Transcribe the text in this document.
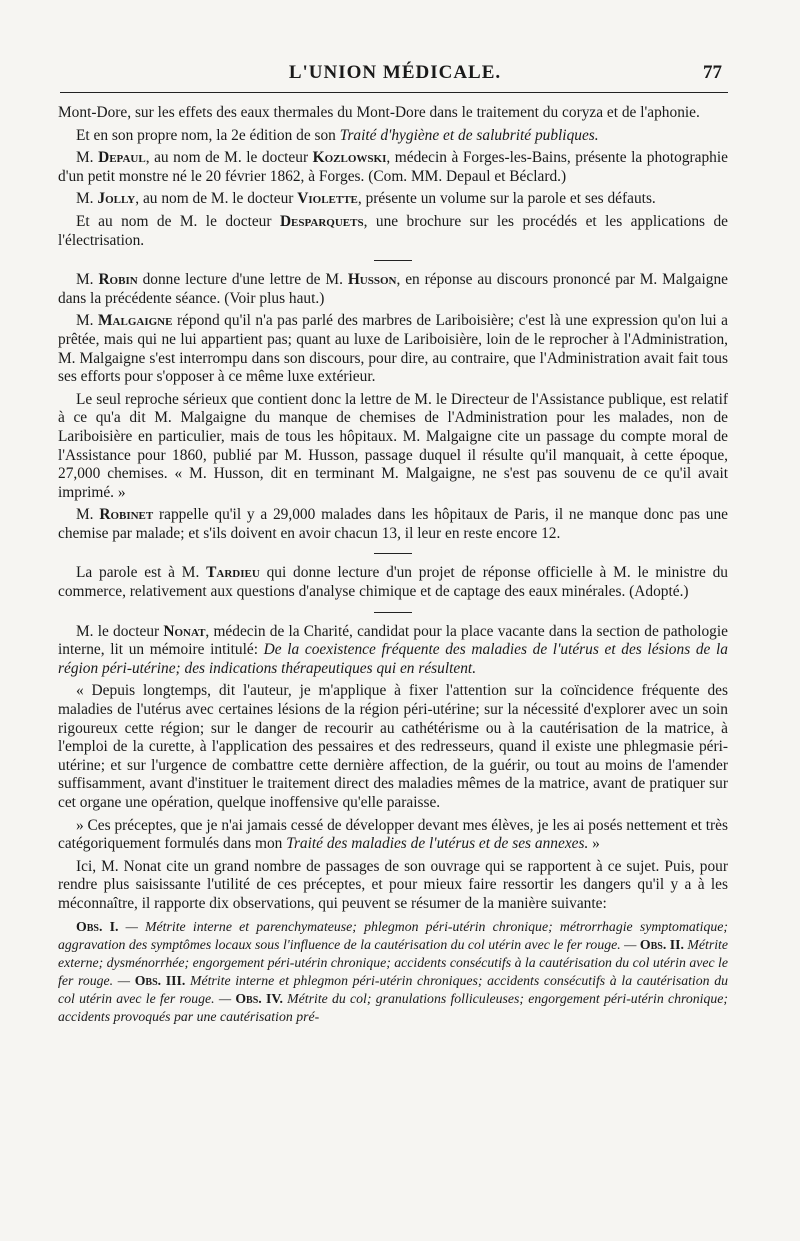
L'UNION MÉDICALE.	77

Mont-Dore, sur les effets des eaux thermales du Mont-Dore dans le traitement du coryza et de l'aphonie.

Et en son propre nom, la 2e édition de son Traité d'hygiène et de salubrité publiques.

M. Depaul, au nom de M. le docteur Kozlowski, médecin à Forges-les-Bains, présente la photographie d'un petit monstre né le 20 février 1862, à Forges. (Com. MM. Depaul et Béclard.)

M. Jolly, au nom de M. le docteur Violette, présente un volume sur la parole et ses défauts.

Et au nom de M. le docteur Desparquets, une brochure sur les procédés et les applications de l'électrisation.

M. Robin donne lecture d'une lettre de M. Husson, en réponse au discours prononcé par M. Malgaigne dans la précédente séance. (Voir plus haut.)

M. Malgaigne répond qu'il n'a pas parlé des marbres de Lariboisière; c'est là une expression qu'on lui a prêtée, mais qui ne lui appartient pas; quant au luxe de Lariboisière, loin de le reprocher à l'Administration, M. Malgaigne s'est interrompu dans son discours, pour dire, au contraire, que l'Administration avait fait tous ses efforts pour s'opposer à ce même luxe extérieur.

Le seul reproche sérieux que contient donc la lettre de M. le Directeur de l'Assistance publique, est relatif à ce qu'a dit M. Malgaigne du manque de chemises de l'Administration pour les malades, non de Lariboisière en particulier, mais de tous les hôpitaux. M. Malgaigne cite un passage du compte moral de l'Assistance pour 1860, publié par M. Husson, passage duquel il résulte qu'il manquait, à cette époque, 27,000 chemises. « M. Husson, dit en terminant M. Malgaigne, ne s'est pas souvenu de ce qu'il avait imprimé. »

M. Robinet rappelle qu'il y a 29,000 malades dans les hôpitaux de Paris, il ne manque donc pas une chemise par malade; et s'ils doivent en avoir chacun 13, il leur en reste encore 12.

La parole est à M. Tardieu qui donne lecture d'un projet de réponse officielle à M. le ministre du commerce, relativement aux questions d'analyse chimique et de captage des eaux minérales. (Adopté.)

M. le docteur Nonat, médecin de la Charité, candidat pour la place vacante dans la section de pathologie interne, lit un mémoire intitulé: De la coexistence fréquente des maladies de l'utérus et des lésions de la région péri-utérine; des indications thérapeutiques qui en résultent.

« Depuis longtemps, dit l'auteur, je m'applique à fixer l'attention sur la coïncidence fréquente des maladies de l'utérus avec certaines lésions de la région péri-utérine; sur la nécessité d'explorer avec un soin rigoureux cette région; sur le danger de recourir au cathétérisme ou à la cautérisation de la matrice, à l'emploi de la curette, à l'application des pessaires et des redresseurs, quand il existe une phlegmasie péri-utérine; et sur l'urgence de combattre cette dernière affection, de la guérir, ou tout au moins de l'amender suffisamment, avant d'instituer le traitement direct des maladies mêmes de la matrice, avant de pratiquer sur cet organe une opération, quelque inoffensive qu'elle paraisse.

» Ces préceptes, que je n'ai jamais cessé de développer devant mes élèves, je les ai posés nettement et très catégoriquement formulés dans mon Traité des maladies de l'utérus et de ses annexes. »

Ici, M. Nonat cite un grand nombre de passages de son ouvrage qui se rapportent à ce sujet. Puis, pour rendre plus saisissante l'utilité de ces préceptes, et pour mieux faire ressortir les dangers qu'il y a à les méconnaître, il rapporte dix observations, qui peuvent se résumer de la manière suivante:

Obs. I. — Métrite interne et parenchymateuse; phlegmon péri-utérin chronique; métrorrhagie symptomatique; aggravation des symptômes locaux sous l'influence de la cautérisation du col utérin avec le fer rouge. — Obs. II. Métrite externe; dysménorrhée; engorgement péri-utérin chronique; accidents consécutifs à la cautérisation du col utérin avec le fer rouge. — Obs. III. Métrite interne et phlegmon péri-utérin chroniques; accidents consécutifs à la cautérisation du col utérin avec le fer rouge. — Obs. IV. Métrite du col; granulations folliculeuses; engorgement péri-utérin chronique; accidents provoqués par une cautérisation pré-
